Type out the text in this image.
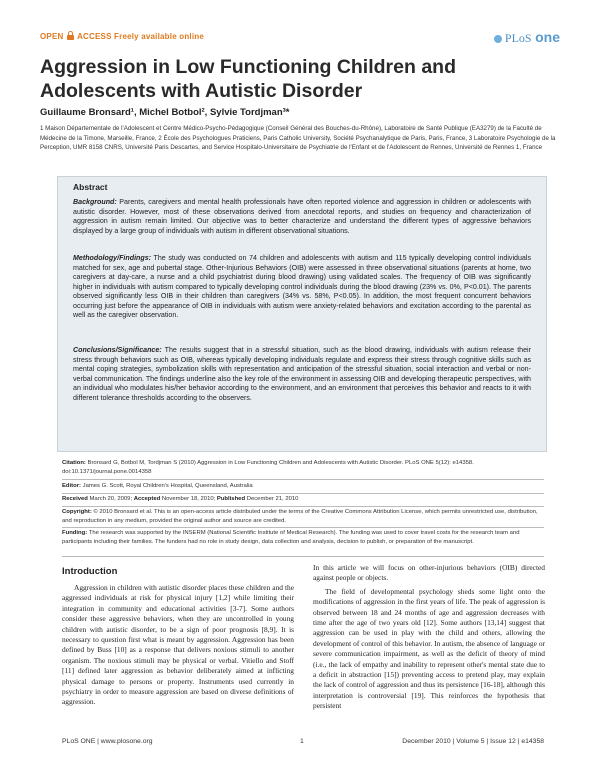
OPEN ACCESS Freely available online	PLoS one
Aggression in Low Functioning Children and Adolescents with Autistic Disorder
Guillaume Bronsard¹, Michel Botbol², Sylvie Tordjman³*
1 Maison Départementale de l'Adolescent et Centre Médico-Psycho-Pédagogique (Conseil Général des Bouches-du-Rhône), Laboratoire de Santé Publique (EA3279) de la Faculté de Médecine de la Timone, Marseille, France, 2 École des Psychologues Praticiens, Paris Catholic University, Société Psychanalytique de Paris, Paris, France, 3 Laboratoire Psychologie de la Perception, UMR 8158 CNRS, Université Paris Descartes, and Service Hospitalo-Universitaire de Psychiatrie de l'Enfant et de l'Adolescent de Rennes, Université de Rennes 1, France
Abstract
Background: Parents, caregivers and mental health professionals have often reported violence and aggression in children or adolescents with autistic disorder. However, most of these observations derived from anecdotal reports, and studies on frequency and characterization of aggression in autism remain limited. Our objective was to better characterize and understand the different types of aggressive behaviors displayed by a large group of individuals with autism in different observational situations.
Methodology/Findings: The study was conducted on 74 children and adolescents with autism and 115 typically developing control individuals matched for sex, age and pubertal stage. Other-Injurious Behaviors (OIB) were assessed in three observational situations (parents at home, two caregivers at day-care, a nurse and a child psychiatrist during blood drawing) using validated scales. The frequency of OIB was significantly higher in individuals with autism compared to typically developing control individuals during the blood drawing (23% vs. 0%, P<0.01). The parents observed significantly less OIB in their children than caregivers (34% vs. 58%, P<0.05). In addition, the most frequent concurrent behaviors occurring just before the appearance of OIB in individuals with autism were anxiety-related behaviors and excitation according to the parental as well as the caregiver observation.
Conclusions/Significance: The results suggest that in a stressful situation, such as the blood drawing, individuals with autism release their stress through behaviors such as OIB, whereas typically developing individuals regulate and express their stress through cognitive skills such as mental coping strategies, symbolization skills with representation and anticipation of the stressful situation, social interaction and verbal or non-verbal communication. The findings underline also the key role of the environment in assessing OIB and developing therapeutic perspectives, with an individual who modulates his/her behavior according to the environment, and an environment that perceives this behavior and reacts to it with different tolerance thresholds according to the observers.
Citation: Bronsard G, Botbol M, Tordjman S (2010) Aggression in Low Functioning Children and Adolescents with Autistic Disorder. PLoS ONE 5(12): e14358. doi:10.1371/journal.pone.0014358
Editor: James G. Scott, Royal Children's Hospital, Queensland, Australia
Received March 20, 2009; Accepted November 18, 2010; Published December 21, 2010
Copyright: © 2010 Bronsard et al. This is an open-access article distributed under the terms of the Creative Commons Attribution License, which permits unrestricted use, distribution, and reproduction in any medium, provided the original author and source are credited.
Funding: The research was supported by the INSERM (National Scientific Institute of Medical Research). The funding was used to cover travel costs for the research team and participants including their families. The funders had no role in study design, data collection and analysis, decision to publish, or preparation of the manuscript.
Introduction

Aggression in children with autistic disorder places these children and the aggressed individuals at risk for physical injury [1,2] while limiting their integration in community and educational activities [3-7]. Some authors consider these aggressive behaviors, when they are uncontrolled in young children with autistic disorder, to be a sign of poor prognosis [8,9]. It is necessary to question first what is meant by aggression. Aggression has been defined by Buss [10] as a response that delivers noxious stimuli to another organism. The noxious stimuli may be physical or verbal. Vitiello and Stoff [11] defined later aggression as behavior deliberately aimed at inflicting physical damage to persons or property. Instruments used currently in psychiatry in order to measure aggression are based on diverse definitions of aggression.

In this article we will focus on other-injurious behaviors (OIB) directed against people or objects.

The field of developmental psychology sheds some light onto the modifications of aggression in the first years of life. The peak of aggression is observed between 18 and 24 months of age and aggression decreases with time after the age of two years old [12]. Some authors [13,14] suggest that aggression can be used in play with the child and others, allowing the development of control of this behavior. In autism, the absence of language or severe communication impairment, as well as the deficit of theory of mind (i.e., the lack of empathy and inability to represent other's mental state due to a deficit in abstraction [15]) preventing access to pretend play, may explain the lack of control of aggression and thus its persistence [16-18], although this interpretation is controversial [19]. This reinforces the hypothesis that persistent

PLoS ONE | www.plosone.org	1	December 2010 | Volume 5 | Issue 12 | e14358
